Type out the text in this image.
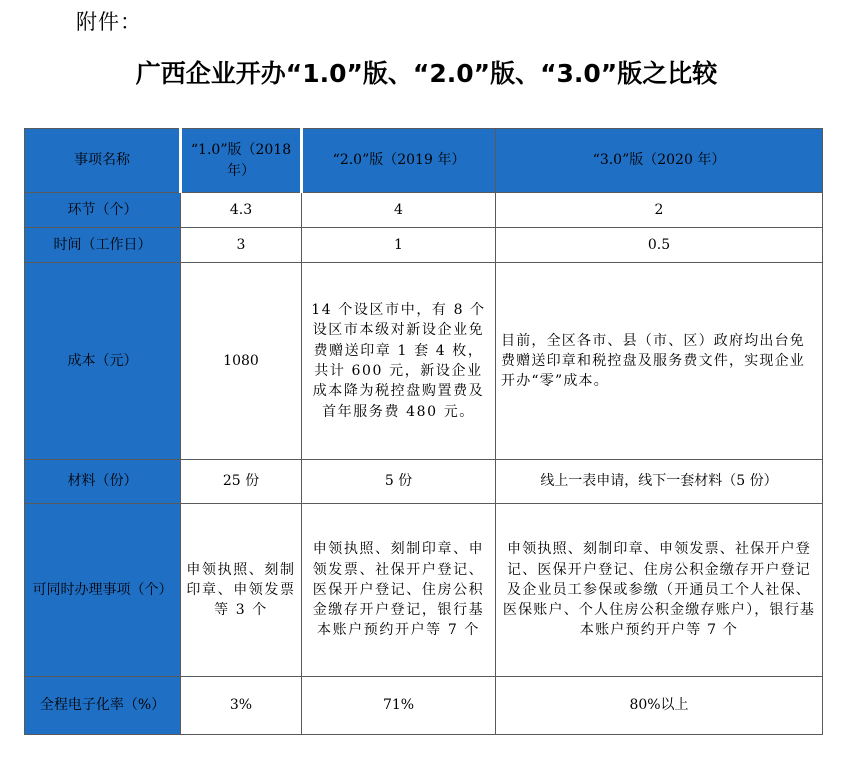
附件：
广西企业开办“1.0”版、“2.0”版、“3.0”版之比较
事项名称	“1.0”版（2018年）	“2.0”版（2019 年）	“3.0”版（2020 年）
环节（个）	4.3	4	2
时间（工作日）	3	1	0.5
成本（元）	1080	14 个设区市中，有 8 个设区市本级对新设企业免费赠送印章 1 套 4 枚，共计 600 元，新设企业成本降为税控盘购置费及首年服务费 480 元。	目前，全区各市、县（市、区）政府均出台免费赠送印章和税控盘及服务费文件，实现企业开办“零”成本。
材料（份）	25 份	5 份	线上一表申请，线下一套材料（5 份）
可同时办理事项（个）	申领执照、刻制印章、申领发票等 3 个	申领执照、刻制印章、申领发票、社保开户登记、医保开户登记、住房公积金缴存开户登记，银行基本账户预约开户等 7 个	申领执照、刻制印章、申领发票、社保开户登记、医保开户登记、住房公积金缴存开户登记及企业员工参保或参缴（开通员工个人社保、医保账户、个人住房公积金缴存账户），银行基本账户预约开户等 7 个
全程电子化率（%）	3%	71%	80%以上
